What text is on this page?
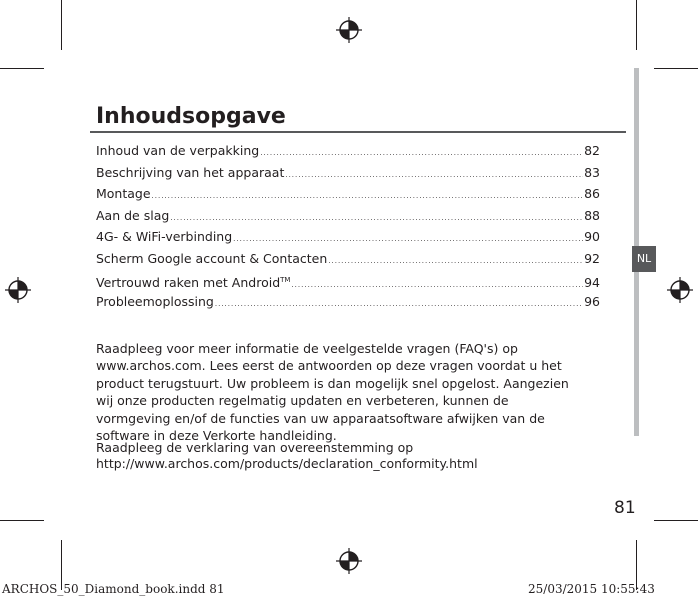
NL
Inhoudsopgave
Inhoud van de verpakking .....	82
Beschrijving van het apparaat .....	83
Montage .....	86
Aan de slag .....	88
4G- & WiFi-verbinding .....	90
Scherm Google account & Contacten .....	92
Vertrouwd raken met Android™ .....	94
Probleemoplossing .....	96

Raadpleeg voor meer informatie de veelgestelde vragen (FAQ's) op www.archos.com. Lees eerst de antwoorden op deze vragen voordat u het product terugstuurt. Uw probleem is dan mogelijk snel opgelost. Aangezien wij onze producten regelmatig updaten en verbeteren, kunnen de vormgeving en/of de functies van uw apparaatsoftware afwijken van de software in deze Verkorte handleiding.

Raadpleeg de verklaring van overeenstemming op http://www.archos.com/products/declaration_conformity.html

81
ARCHOS_50_Diamond_book.indd 81	25/03/2015 10:55:43
